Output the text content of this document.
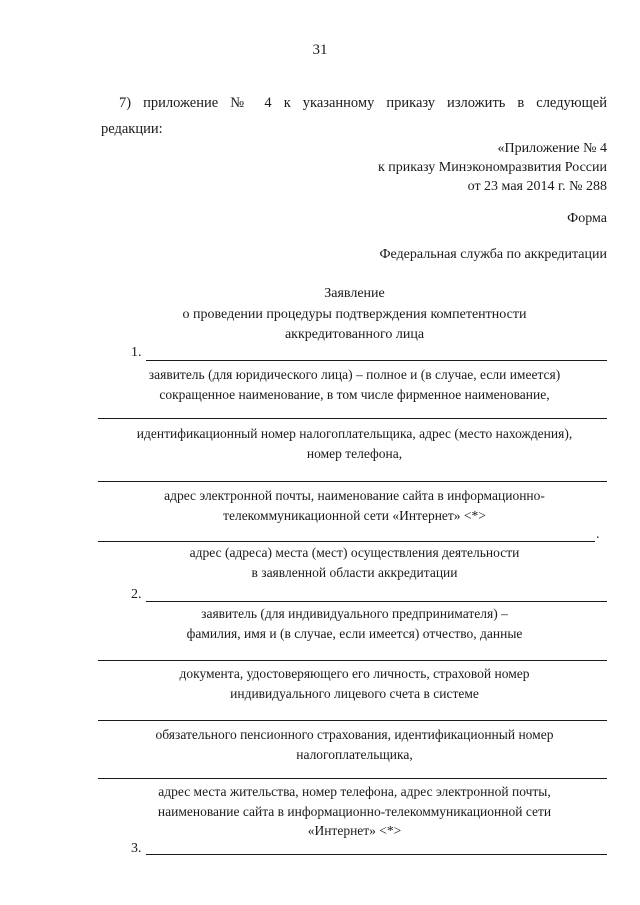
31
7) приложение № 4 к указанному приказу изложить в следующей
редакции:
«Приложение № 4
к приказу Минэкономразвития России
от 23 мая 2014 г. № 288
Форма
Федеральная служба по аккредитации
Заявление
о проведении процедуры подтверждения компетентности
аккредитованного лица
1.
заявитель (для юридического лица) – полное и (в случае, если имеется)
сокращенное наименование, в том числе фирменное наименование,
идентификационный номер налогоплательщика, адрес (место нахождения),
номер телефона,
адрес электронной почты, наименование сайта в информационно-
телекоммуникационной сети «Интернет» <*>
.
адрес (адреса) места (мест) осуществления деятельности
в заявленной области аккредитации
2.
заявитель (для индивидуального предпринимателя) –
фамилия, имя и (в случае, если имеется) отчество, данные
документа, удостоверяющего его личность, страховой номер
индивидуального лицевого счета в системе
обязательного пенсионного страхования, идентификационный номер
налогоплательщика,
адрес места жительства, номер телефона, адрес электронной почты,
наименование сайта в информационно-телекоммуникационной сети
«Интернет» <*>
3.
